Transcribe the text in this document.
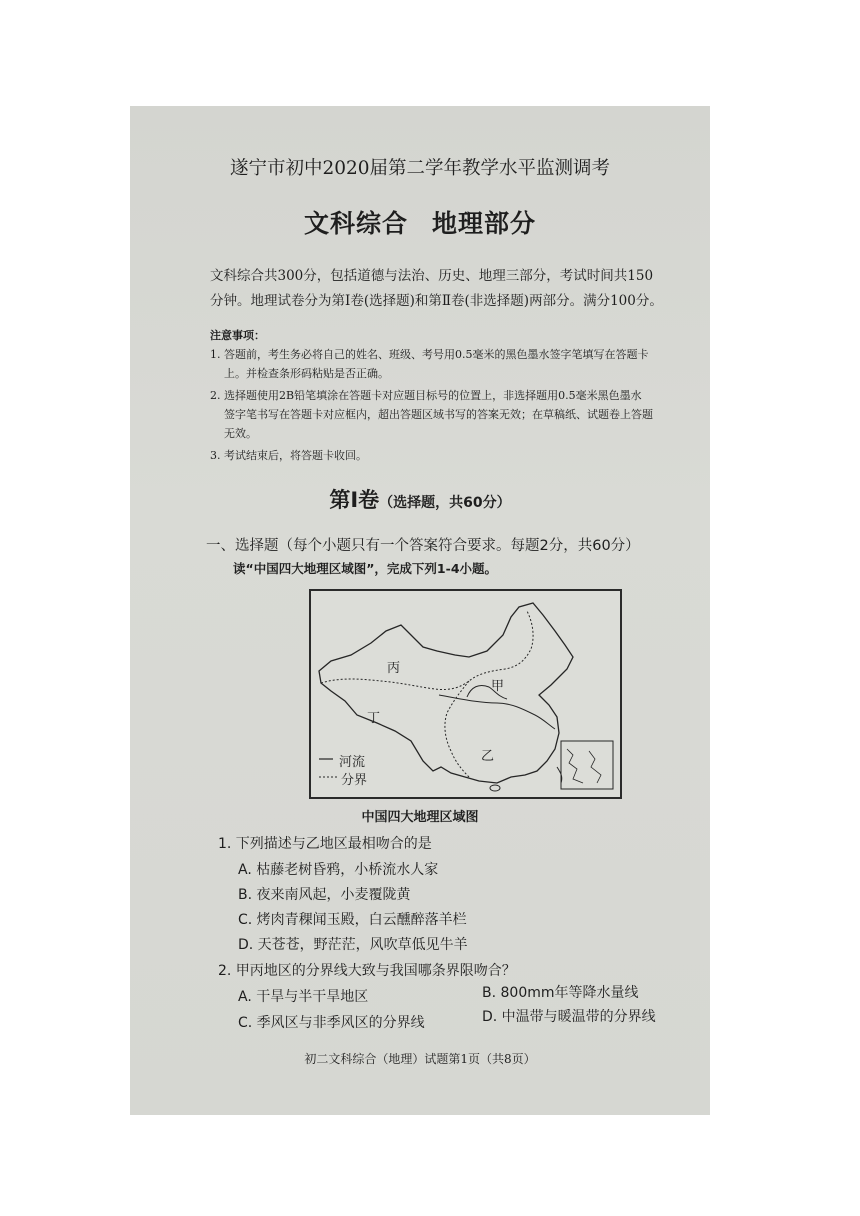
遂宁市初中2020届第二学年教学水平监测调考
文科综合 地理部分
文科综合共300分，包括道德与法治、历史、地理三部分，考试时间共150
分钟。地理试卷分为第Ⅰ卷(选择题)和第Ⅱ卷(非选择题)两部分。满分100分。
注意事项：
1. 答题前，考生务必将自己的姓名、班级、考号用0.5毫米的黑色墨水签字笔填写在答题卡
上。并检查条形码粘贴是否正确。
2. 选择题使用2B铅笔填涂在答题卡对应题目标号的位置上，非选择题用0.5毫米黑色墨水
签字笔书写在答题卡对应框内，超出答题区域书写的答案无效；在草稿纸、试题卷上答题
无效。
3. 考试结束后，将答题卡收回。
第Ⅰ卷（选择题，共60分）
一、选择题（每个小题只有一个答案符合要求。每题2分，共60分）
读“中国四大地理区域图”，完成下列1-4小题。
丙
甲
丁
乙
河流
分界
中国四大地理区域图
1. 下列描述与乙地区最相吻合的是
A. 枯藤老树昏鸦，小桥流水人家
B. 夜来南风起，小麦覆陇黄
C. 烤肉青稞闻玉殿，白云醺醉落羊栏
D. 天苍苍，野茫茫，风吹草低见牛羊
2. 甲丙地区的分界线大致与我国哪条界限吻合？
A. 干旱与半干旱地区	B. 800mm年等降水量线
C. 季风区与非季风区的分界线	D. 中温带与暖温带的分界线
初二文科综合（地理）试题第1页（共8页）
